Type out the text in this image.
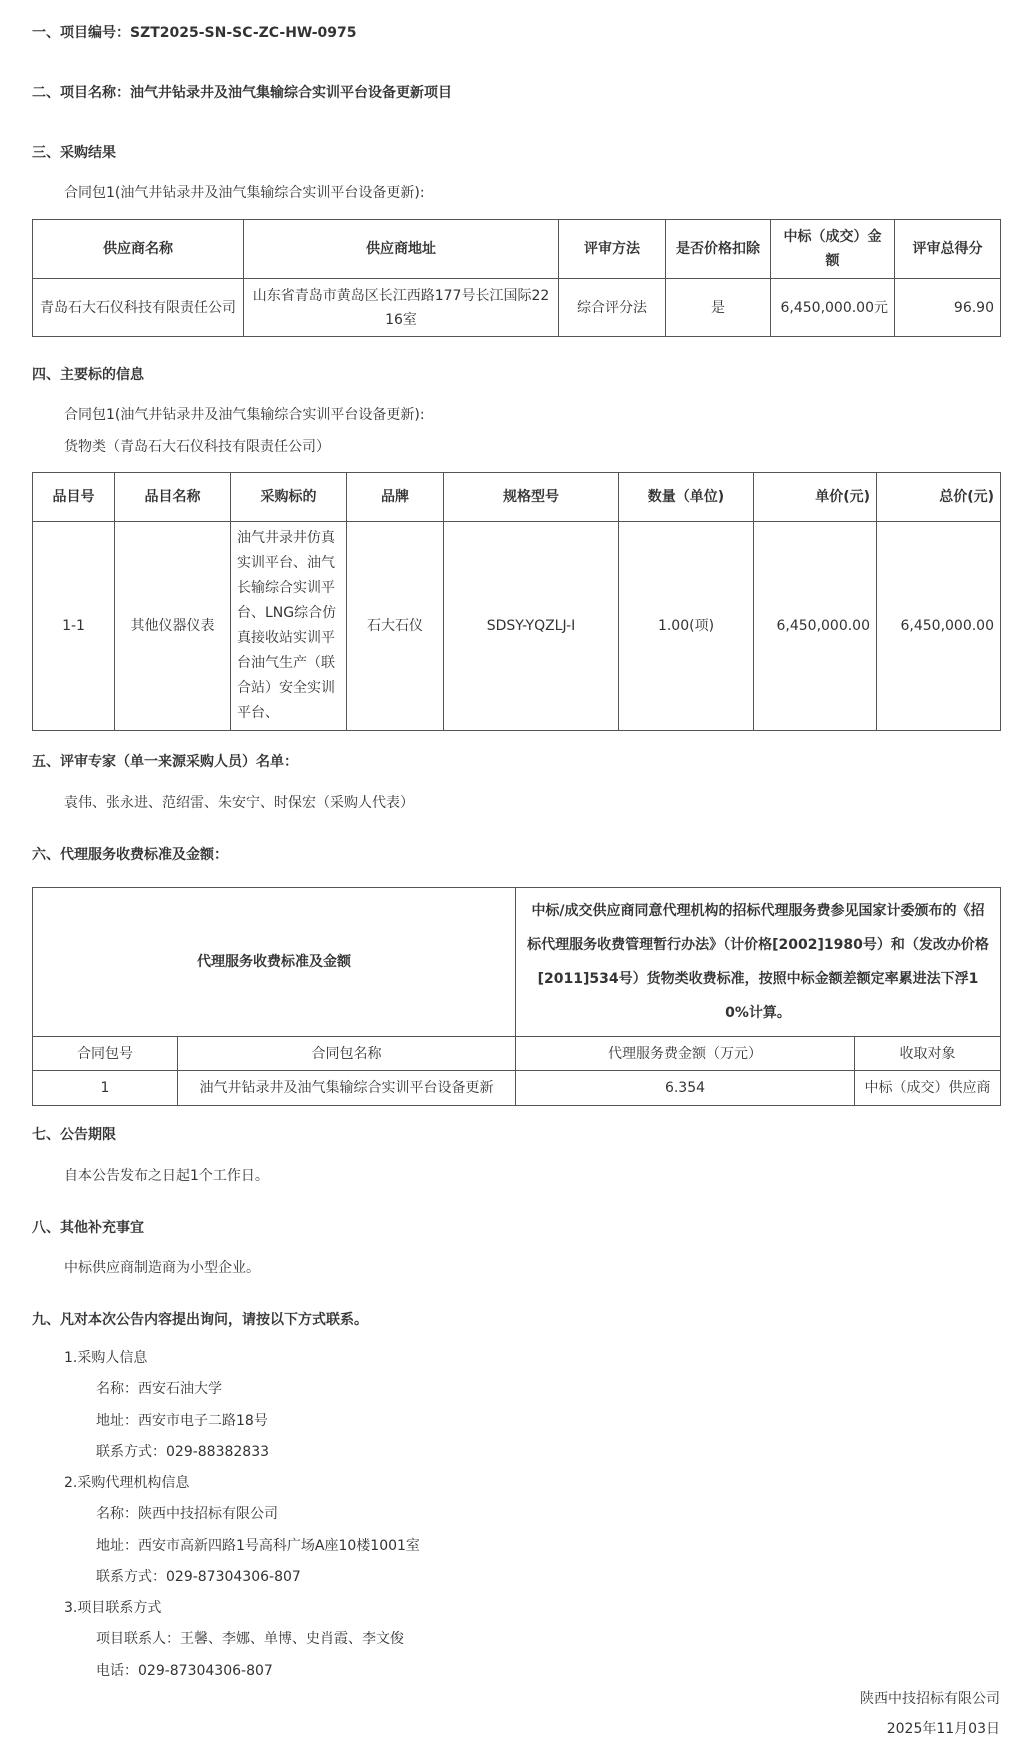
一、项目编号：SZT2025-SN-SC-ZC-HW-0975
二、项目名称：油气井钻录井及油气集输综合实训平台设备更新项目
三、采购结果
合同包1(油气井钻录井及油气集输综合实训平台设备更新):
供应商名称	供应商地址	评审方法	是否价格扣除	中标（成交）金额	评审总得分
青岛石大石仪科技有限责任公司	山东省青岛市黄岛区长江西路177号长江国际2216室	综合评分法	是	6,450,000.00元	96.90
四、主要标的信息
合同包1(油气井钻录井及油气集输综合实训平台设备更新):
货物类（青岛石大石仪科技有限责任公司）
品目号	品目名称	采购标的	品牌	规格型号	数量（单位)	单价(元)	总价(元)
1-1	其他仪器仪表	油气井录井仿真实训平台、油气长输综合实训平台、LNG综合仿真接收站实训平台油气生产（联合站）安全实训平台、	石大石仪	SDSY-YQZLJ-I	1.00(项)	6,450,000.00	6,450,000.00
五、评审专家（单一来源采购人员）名单：
袁伟、张永进、范绍雷、朱安宁、时保宏（采购人代表）
六、代理服务收费标准及金额：
代理服务收费标准及金额		中标/成交供应商同意代理机构的招标代理服务费参见国家计委颁布的《招标代理服务收费管理暂行办法》（计价格[2002]1980号）和（发改办价格[2011]534号）货物类收费标准，按照中标金额差额定率累进法下浮10%计算。	
合同包号	合同包名称	代理服务费金额（万元）	收取对象
1	油气井钻录井及油气集输综合实训平台设备更新	6.354	中标（成交）供应商
七、公告期限
自本公告发布之日起1个工作日。
八、其他补充事宜
中标供应商制造商为小型企业。
九、凡对本次公告内容提出询问，请按以下方式联系。
1.采购人信息
名称：西安石油大学
地址：西安市电子二路18号
联系方式：029-88382833
2.采购代理机构信息
名称：陕西中技招标有限公司
地址：西安市高新四路1号高科广场A座10楼1001室
联系方式：029-87304306-807
3.项目联系方式
项目联系人：王馨、李娜、单博、史肖霞、李文俊
电话：029-87304306-807
陕西中技招标有限公司
2025年11月03日
